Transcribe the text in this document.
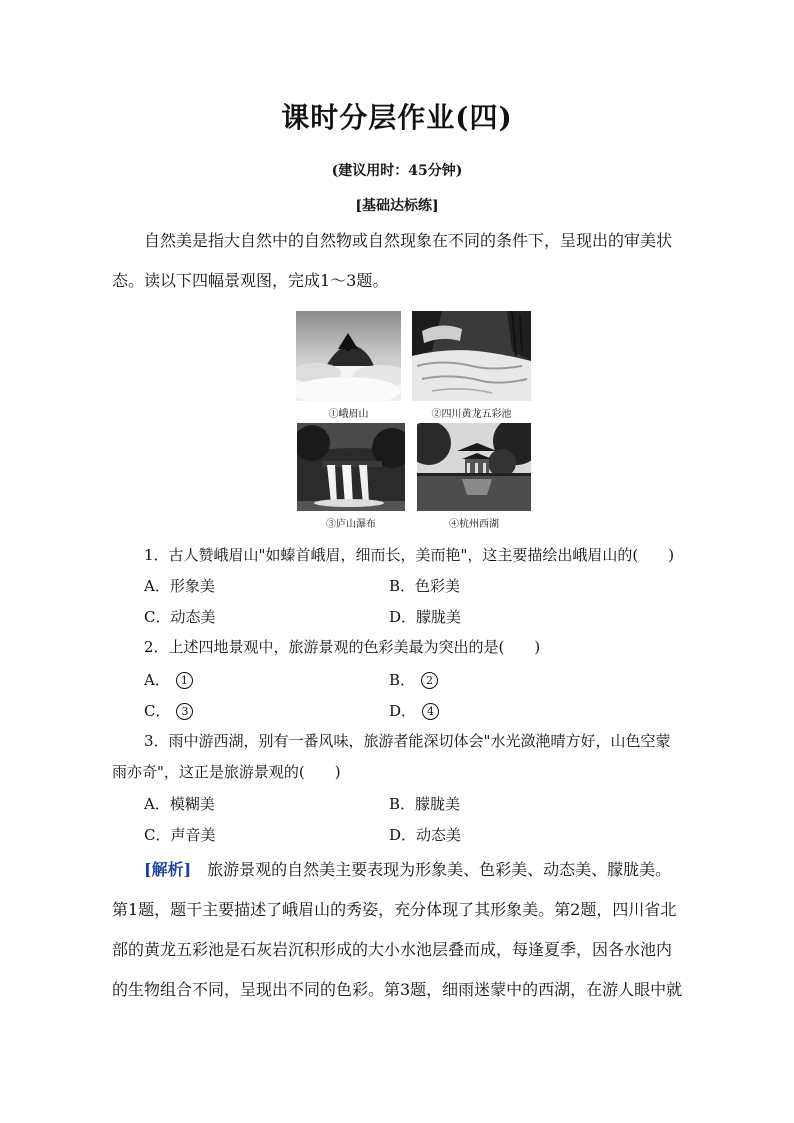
课时分层作业(四)
(建议用时：45分钟)
[基础达标练]

自然美是指大自然中的自然物或自然现象在不同的条件下，呈现出的审美状态。读以下四幅景观图，完成1～3题。

①峨眉山	②四川黄龙五彩池
③庐山瀑布	④杭州西湖

1．古人赞峨眉山"如螓首峨眉，细而长，美而艳"，这主要描绘出峨眉山的(　　)

A．形象美	B．色彩美
C．动态美	D．朦胧美

2．上述四地景观中，旅游景观的色彩美最为突出的是(　　)

A． 1	B． 2
C． 3	D． 4

3．雨中游西湖，别有一番风味，旅游者能深切体会"水光潋滟晴方好，山色空蒙雨亦奇"，这正是旅游景观的(　　)

A．模糊美	B．朦胧美
C．声音美	D．动态美

[解析]　旅游景观的自然美主要表现为形象美、色彩美、动态美、朦胧美。第1题，题干主要描述了峨眉山的秀姿，充分体现了其形象美。第2题，四川省北部的黄龙五彩池是石灰岩沉积形成的大小水池层叠而成，每逢夏季，因各水池内的生物组合不同，呈现出不同的色彩。第3题，细雨迷蒙中的西湖，在游人眼中就
